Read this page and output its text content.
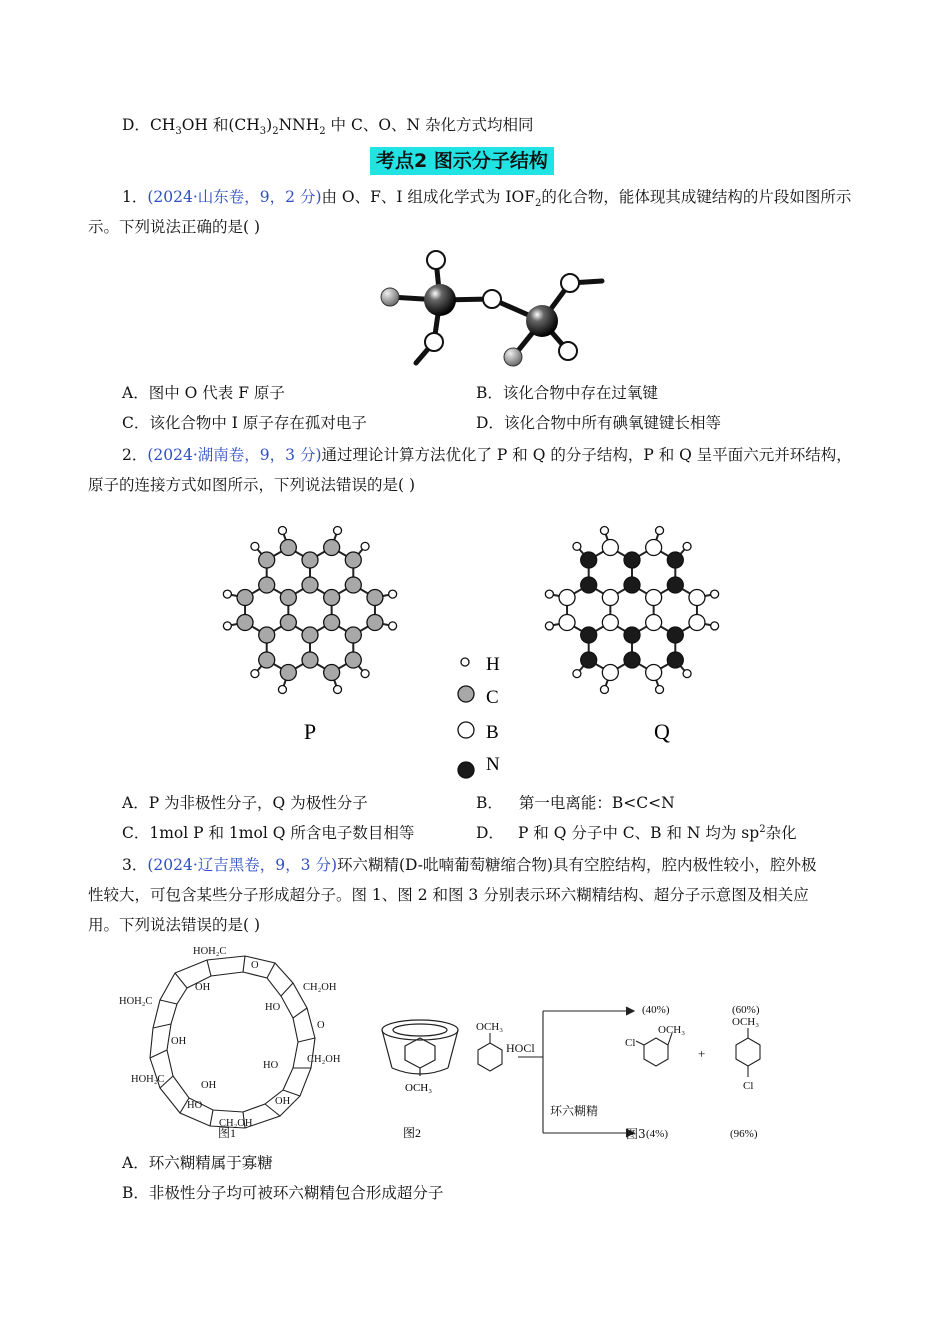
D．$CH_3OH$ 和$(CH_3)_2NNH_2$ 中 C、O、N 杂化方式均相同
考点2 图示分子结构
1．(2024·山东卷，9，2 分)由 O、F、I 组成化学式为 $IOF_2$的化合物，能体现其成键结构的片段如图所示
示。下列说法正确的是( )
A．图中 O 代表 F 原子	B．该化合物中存在过氧键
C．该化合物中 I 原子存在孤对电子	D．该化合物中所有碘氧键键长相等
2．(2024·湖南卷，9，3 分)通过理论计算方法优化了 P 和 Q 的分子结构，P 和 Q 呈平面六元并环结构，
原子的连接方式如图所示，下列说法错误的是( )
P	Q
H
C
B
N
A．P 为非极性分子，Q 为极性分子	B． 第一电离能：B<C<N
C．1mol P 和 1mol Q 所含电子数目相等	D． P 和 Q 分子中 C、B 和 N 均为 $sp^2$杂化
3．(2024·辽吉黑卷，9，3 分)环六糊精(D-吡喃葡萄糖缩合物)具有空腔结构，腔内极性较小，腔外极
性较大，可包含某些分子形成超分子。图 1、图 2 和图 3 分别表示环六糊精结构、超分子示意图及相关应
用。下列说法错误的是( )
HOH₂C
OH
O
CH₂OH
HOH₂C
OH
HO
O
HOH₂C
OH
HO
CH₂OH
CH₂OH
HO	OH
图1
OCH₃
图2
OCH₃
HOCl
环六糊精
(40%)	(60%)
OCH₃
OCH₃
Cl
Cl
+
(4%)	(96%)
图3
A．环六糊精属于寡糖
B．非极性分子均可被环六糊精包合形成超分子
